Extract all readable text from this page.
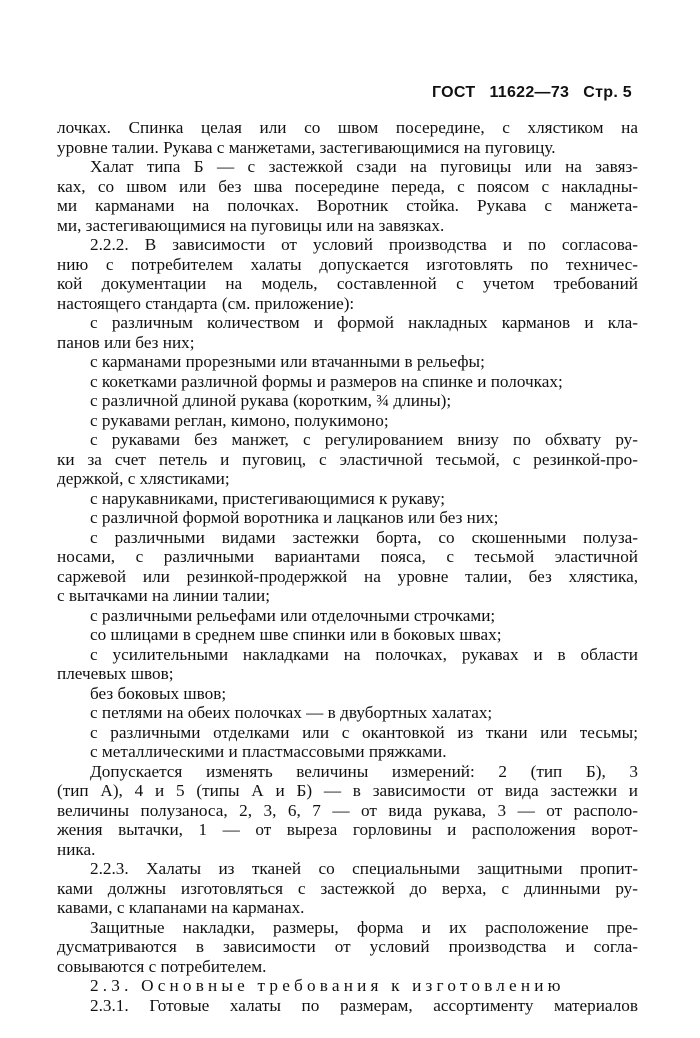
ГОСТ 11622—73 Стр. 5
лочках. Спинка целая или со швом посередине, с хлястиком на
уровне талии. Рукава с манжетами, застегивающимися на пуговицу.
Халат типа Б — с застежкой сзади на пуговицы или на завяз-
ках, со швом или без шва посередине переда, с поясом с накладны-
ми карманами на полочках. Воротник стойка. Рукава с манжета-
ми, застегивающимися на пуговицы или на завязках.
2.2.2. В зависимости от условий производства и по согласова-
нию с потребителем халаты допускается изготовлять по техничес-
кой документации на модель, составленной с учетом требований
настоящего стандарта (см. приложение):
с различным количеством и формой накладных карманов и кла-
панов или без них;
с карманами прорезными или втачанными в рельефы;
с кокетками различной формы и размеров на спинке и полочках;
с различной длиной рукава (коротким, ¾ длины);
с рукавами реглан, кимоно, полукимоно;
с рукавами без манжет, с регулированием внизу по обхвату ру-
ки за счет петель и пуговиц, с эластичной тесьмой, с резинкой-про-
держкой, с хлястиками;
с нарукавниками, пристегивающимися к рукаву;
с различной формой воротника и лацканов или без них;
с различными видами застежки борта, со скошенными полуза-
носами, с различными вариантами пояса, с тесьмой эластичной
саржевой или резинкой-продержкой на уровне талии, без хлястика,
с вытачками на линии талии;
с различными рельефами или отделочными строчками;
со шлицами в среднем шве спинки или в боковых швах;
с усилительными накладками на полочках, рукавах и в области
плечевых швов;
без боковых швов;
с петлями на обеих полочках — в двубортных халатах;
с различными отделками или с окантовкой из ткани или тесьмы;
с металлическими и пластмассовыми пряжками.
Допускается изменять величины измерений: 2 (тип Б), 3
(тип А), 4 и 5 (типы А и Б) — в зависимости от вида застежки и
величины полузаноса, 2, 3, 6, 7 — от вида рукава, 3 — от располо-
жения вытачки, 1 — от выреза горловины и расположения ворот-
ника.
2.2.3. Халаты из тканей со специальными защитными пропит-
ками должны изготовляться с застежкой до верха, с длинными ру-
кавами, с клапанами на карманах.
Защитные накладки, размеры, форма и их расположение пре-
дусматриваются в зависимости от условий производства и согла-
совываются с потребителем.
2.3. Основные требования к изготовлению
2.3.1. Готовые халаты по размерам, ассортименту материалов
